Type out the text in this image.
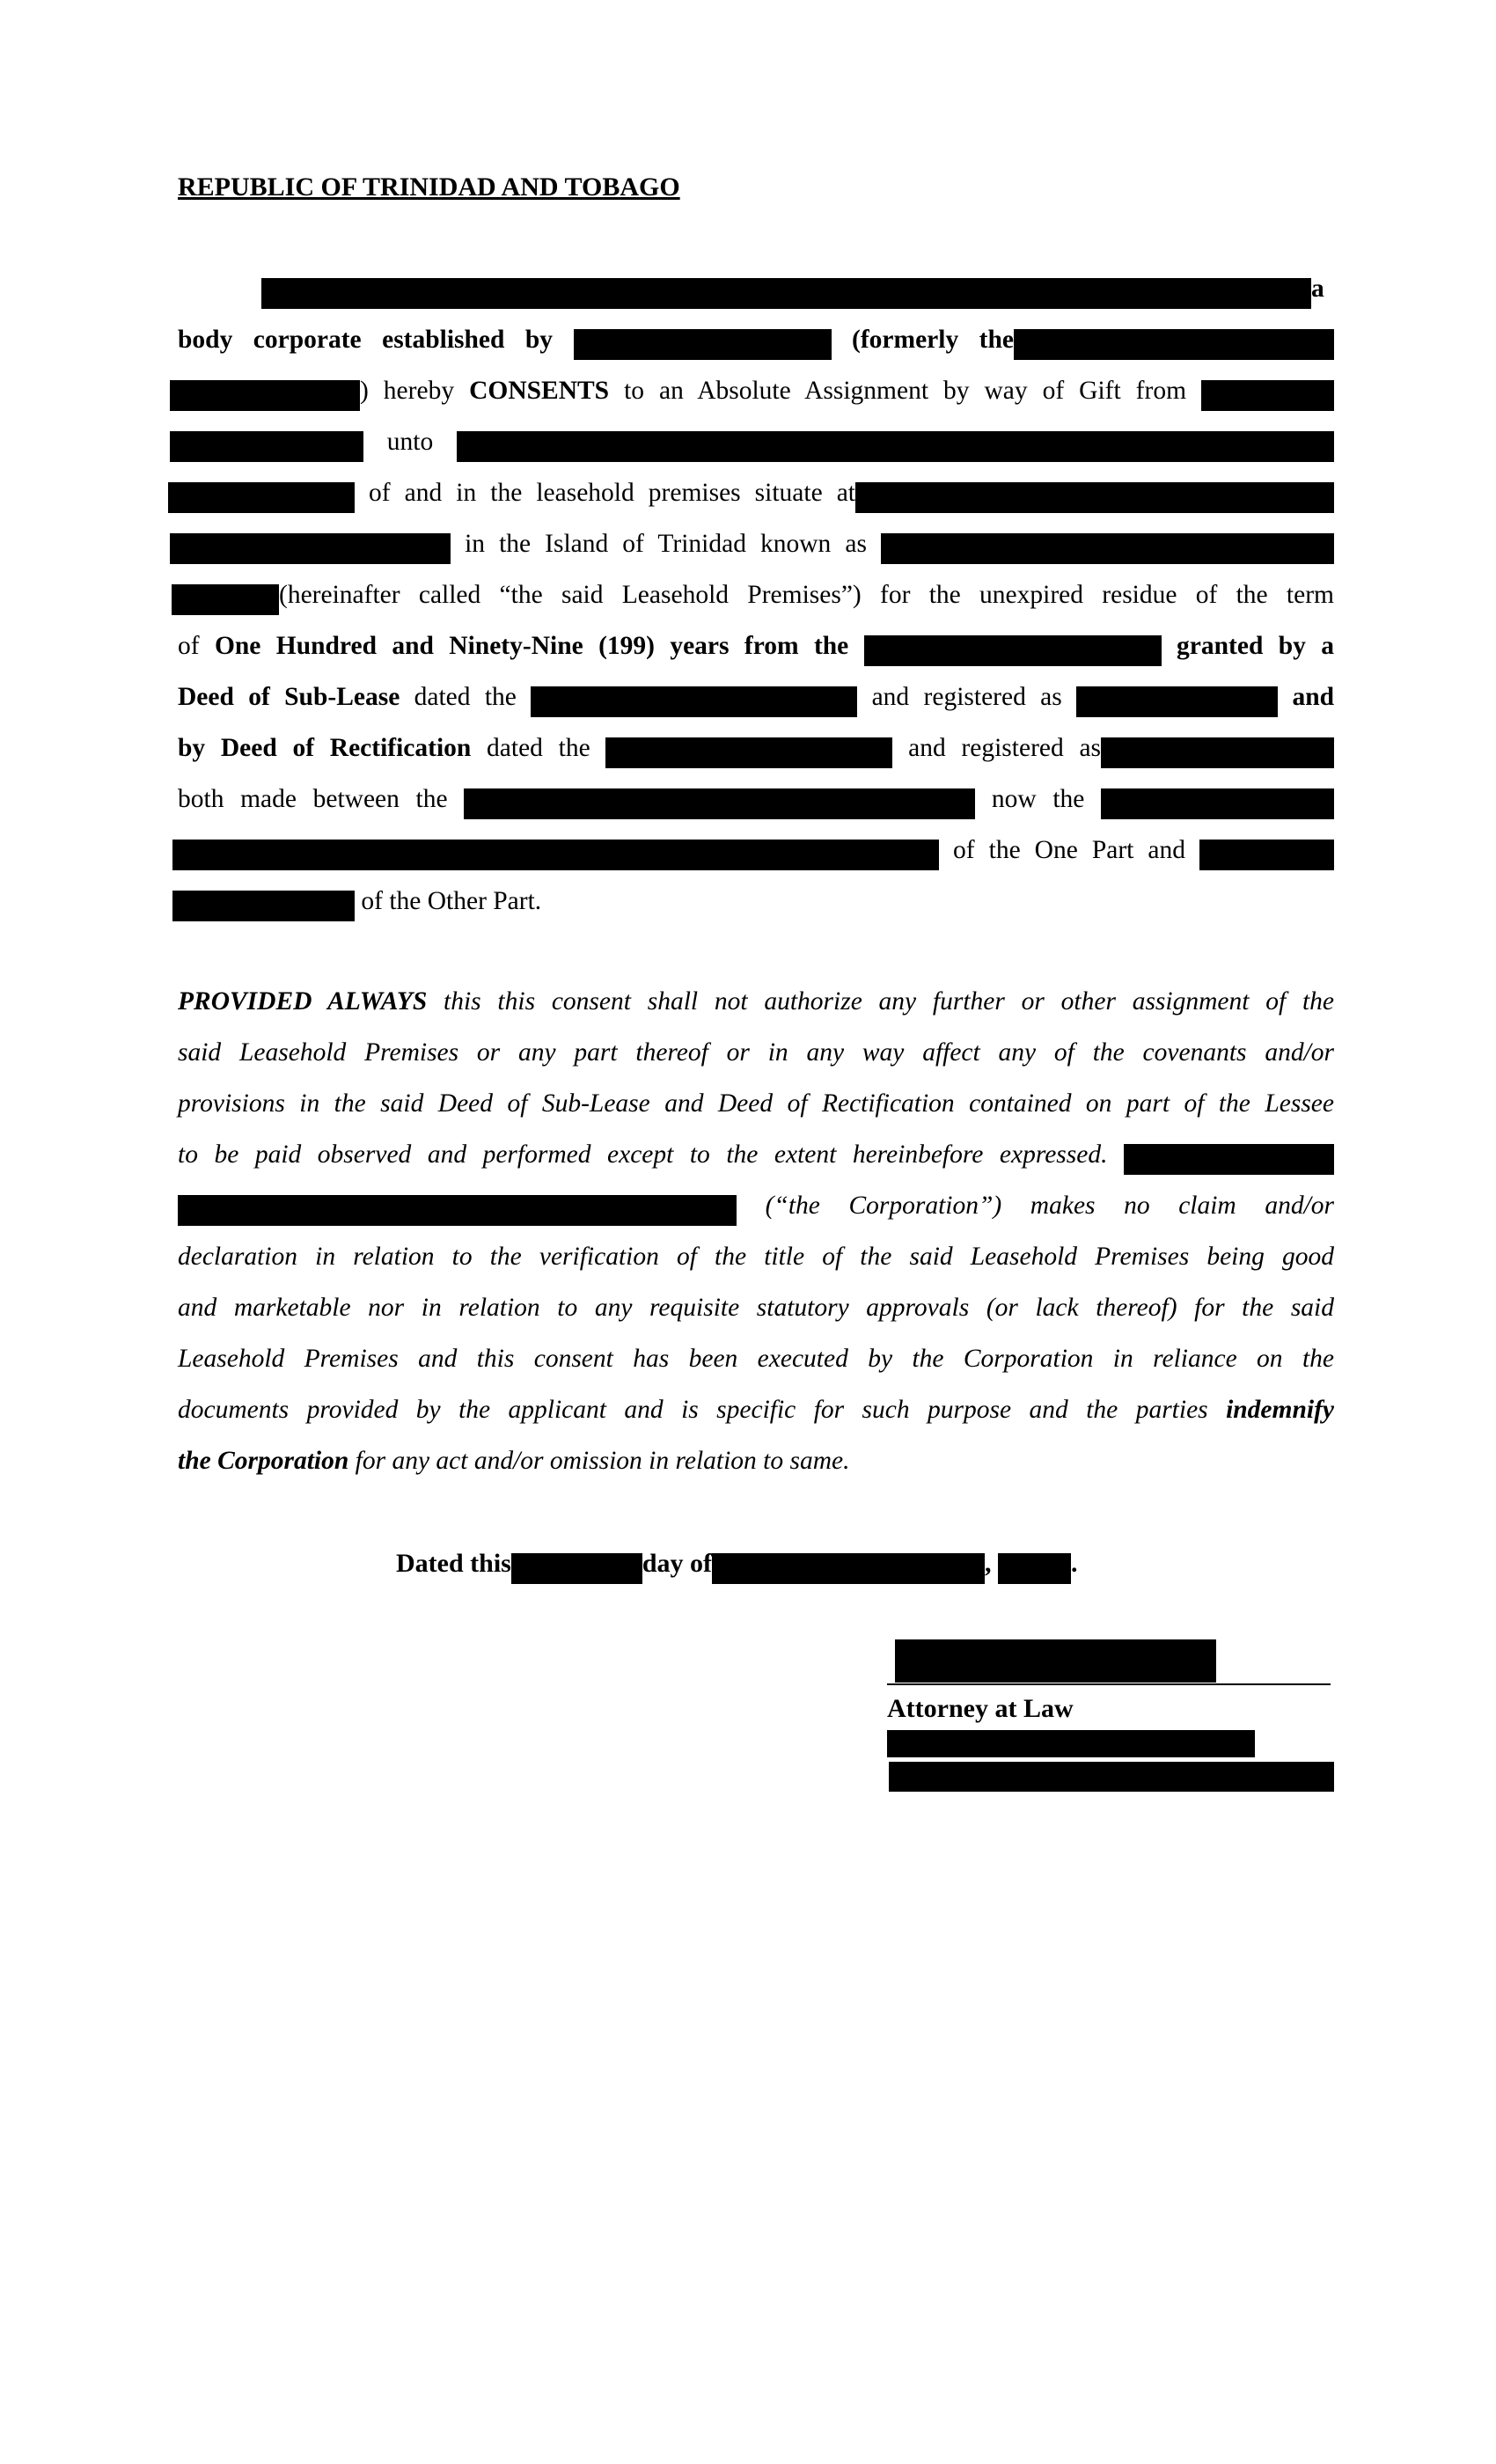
REPUBLIC OF TRINIDAD AND TOBAGO
a
body corporate established by	(formerly the
) hereby CONSENTS to an Absolute Assignment by way of Gift from
unto
of and in the leasehold premises situate at
in the Island of Trinidad known as
(hereinafter called “the said Leasehold Premises”) for the unexpired residue of the term
of One Hundred and Ninety-Nine (199) years from the	granted by a
Deed of Sub-Lease dated the	and registered as	and
by Deed of Rectification dated the	and registered as
both made between the	now the
of the One Part and
of the Other Part.
PROVIDED ALWAYS this this consent shall not authorize any further or other assignment of the
said Leasehold Premises or any part thereof or in any way affect any of the covenants and/or
provisions in the said Deed of Sub-Lease and Deed of Rectification contained on part of the Lessee
to be paid observed and performed except to the extent hereinbefore expressed.
(“the Corporation”) makes no claim and/or
declaration in relation to the verification of the title of the said Leasehold Premises being good
and marketable nor in relation to any requisite statutory approvals (or lack thereof) for the said
Leasehold Premises and this consent has been executed by the Corporation in reliance on the
documents provided by the applicant and is specific for such purpose and the parties indemnify
the Corporation for any act and/or omission in relation to same.
Dated this	day of	,	.
Attorney at Law
